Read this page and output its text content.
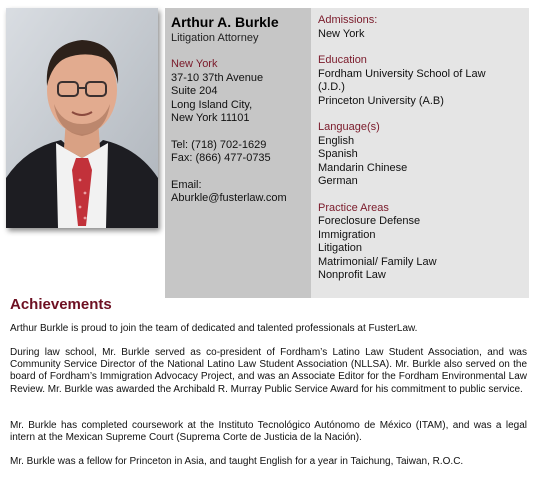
Arthur A. Burkle
Litigation Attorney
New York
37-10 37th Avenue
Suite 204
Long Island City,
New York 11101
Tel: (718) 702-1629
Fax: (866) 477-0735
Email:
Aburkle@fusterlaw.com
Admissions:
New York
Education
Fordham University School of Law
(J.D.)
Princeton University (A.B)
Language(s)
English
Spanish
Mandarin Chinese
German
Practice Areas
Foreclosure Defense
Immigration
Litigation
Matrimonial/ Family Law
Nonprofit Law
Achievements
Arthur Burkle is proud to join the team of dedicated and talented professionals at FusterLaw.
During law school, Mr. Burkle served as co-president of Fordham’s Latino Law Student Association, and was Community Service Director of the National Latino Law Student Association (NLLSA). Mr. Burkle also served on the board of Fordham’s Immigration Advocacy Project, and was an Associate Editor for the Fordham Environmental Law Review. Mr. Burkle was awarded the Archibald R. Murray Public Service Award for his commitment to public service.
Mr. Burkle has completed coursework at the Instituto Tecnológico Autónomo de México (ITAM), and was a legal intern at the Mexican Supreme Court (Suprema Corte de Justicia de la Nación).
Mr. Burkle was a fellow for Princeton in Asia, and taught English for a year in Taichung, Taiwan, R.O.C.
